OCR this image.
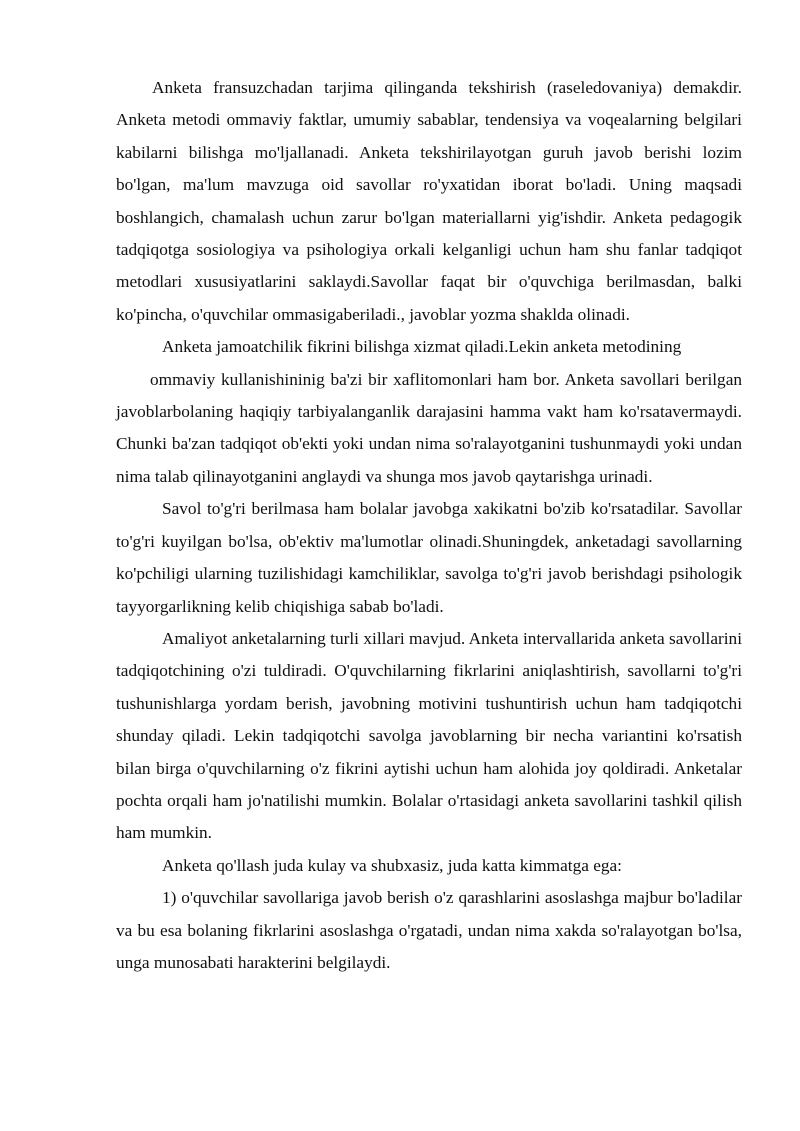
Anketa fransuzchadan tarjima qilinganda tekshirish (raseledovaniya) demakdir. Anketa metodi ommaviy faktlar, umumiy sabablar, tendensiya va voqealarning belgilari kabilarni bilishga mo'ljallanadi. Anketa tekshirilayotgan guruh javob berishi lozim bo'lgan, ma'lum mavzuga oid savollar ro'yxatidan iborat bo'ladi. Uning maqsadi boshlangich, chamalash uchun zarur bo'lgan materiallarni yig'ishdir. Anketa pedagogik tadqiqotga sosiologiya va psihologiya orkali kelganligi uchun ham shu fanlar tadqiqot metodlari xususiyatlarini saklaydi.Savollar faqat bir o'quvchiga berilmasdan, balki ko'pincha, o'quvchilar ommasigaberiladi., javoblar yozma shaklda olinadi.

Anketa jamoatchilik fikrini bilishga xizmat qiladi.Lekin anketa metodining
ommaviy kullanishininig ba'zi bir xaflitomonlari ham bor. Anketa savollari berilgan javoblarbolaning haqiqiy tarbiyalanganlik darajasini hamma vakt ham ko'rsatavermaydi. Chunki ba'zan tadqiqot ob'ekti yoki undan nima so'ralayotganini tushunmaydi yoki undan nima talab qilinayotganini anglaydi va shunga mos javob qaytarishga urinadi.

Savol to'g'ri berilmasa ham bolalar javobga xakikatni bo'zib ko'rsatadilar. Savollar to'g'ri kuyilgan bo'lsa, ob'ektiv ma'lumotlar olinadi.Shuningdek, anketadagi savollarning ko'pchiligi ularning tuzilishidagi kamchiliklar, savolga to'g'ri javob berishdagi psihologik tayyorgarlikning kelib chiqishiga sabab bo'ladi.

Amaliyot anketalarning turli xillari mavjud. Anketa intervallarida anketa savollarini tadqiqotchining o'zi tuldiradi. O'quvchilarning fikrlarini aniqlashtirish, savollarni to'g'ri tushunishlarga yordam berish, javobning motivini tushuntirish uchun ham tadqiqotchi shunday qiladi. Lekin tadqiqotchi savolga javoblarning bir necha variantini ko'rsatish bilan birga o'quvchilarning o'z fikrini aytishi uchun ham alohida joy qoldiradi. Anketalar pochta orqali ham jo'natilishi mumkin. Bolalar o'rtasidagi anketa savollarini tashkil qilish ham mumkin.

Anketa qo'llash juda kulay va shubxasiz, juda katta kimmatga ega:

1) o'quvchilar savollariga javob berish o'z qarashlarini asoslashga majbur bo'ladilar va bu esa bolaning fikrlarini asoslashga o'rgatadi, undan nima xakda so'ralayotgan bo'lsa, unga munosabati harakterini belgilaydi.
